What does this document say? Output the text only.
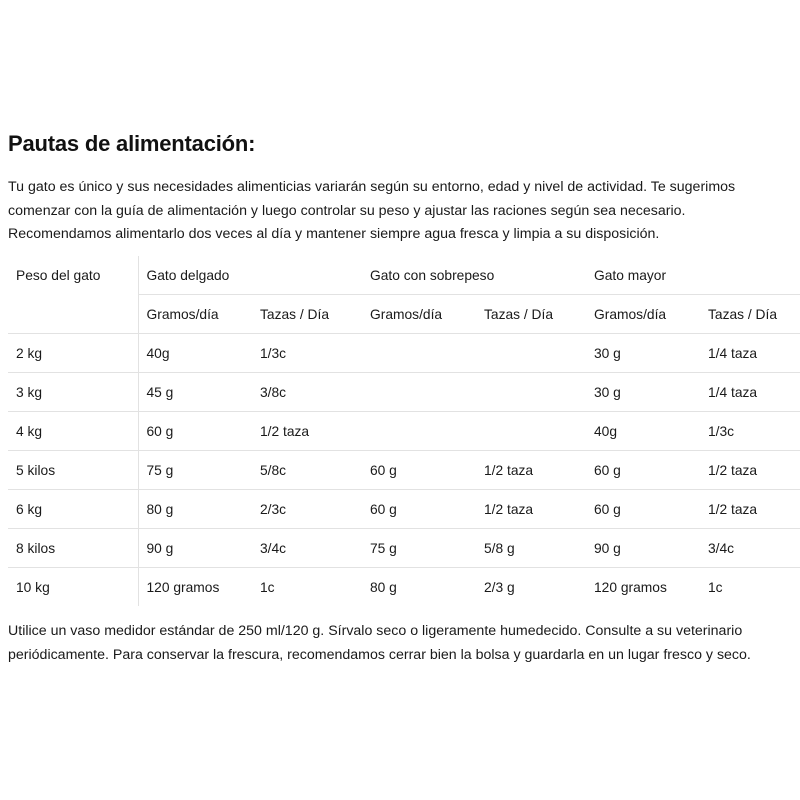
Pautas de alimentación:

Tu gato es único y sus necesidades alimenticias variarán según su entorno, edad y nivel de actividad. Te sugerimos
comenzar con la guía de alimentación y luego controlar su peso y ajustar las raciones según sea necesario.
Recomendamos alimentarlo dos veces al día y mantener siempre agua fresca y limpia a su disposición.

Peso del gato	Gato delgado		Gato con sobrepeso		Gato mayor	
	Gramos/día	Tazas / Día	Gramos/día	Tazas / Día	Gramos/día	Tazas / Día
2 kg	40g	1/3c			30 g	1/4 taza
3 kg	45 g	3/8c			30 g	1/4 taza
4 kg	60 g	1/2 taza			40g	1/3c
5 kilos	75 g	5/8c	60 g	1/2 taza	60 g	1/2 taza
6 kg	80 g	2/3c	60 g	1/2 taza	60 g	1/2 taza
8 kilos	90 g	3/4c	75 g	5/8 g	90 g	3/4c
10 kg	120 gramos	1c	80 g	2/3 g	120 gramos	1c

Utilice un vaso medidor estándar de 250 ml/120 g. Sírvalo seco o ligeramente humedecido. Consulte a su veterinario
periódicamente. Para conservar la frescura, recomendamos cerrar bien la bolsa y guardarla en un lugar fresco y seco.
